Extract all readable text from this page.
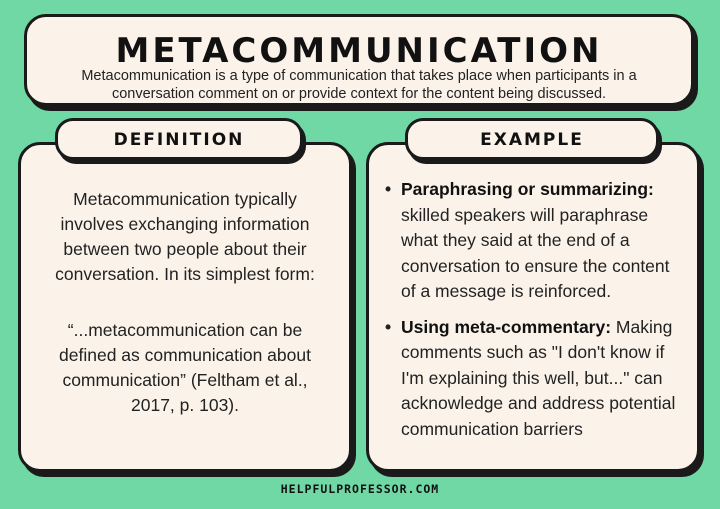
METACOMMUNICATION
Metacommunication is a type of communication that takes place when participants in a conversation comment on or provide context for the content being discussed.
Metacommunication typically involves exchanging information between two people about their conversation. In its simplest form:
“...metacommunication can be defined as communication about communication” (Feltham et al., 2017, p. 103).
DEFINITION
• Paraphrasing or summarizing: skilled speakers will paraphrase what they said at the end of a conversation to ensure the content of a message is reinforced.
• Using meta-commentary: Making comments such as "I don't know if I'm explaining this well, but..." can acknowledge and address potential communication barriers
EXAMPLE
HELPFULPROFESSOR.COM
